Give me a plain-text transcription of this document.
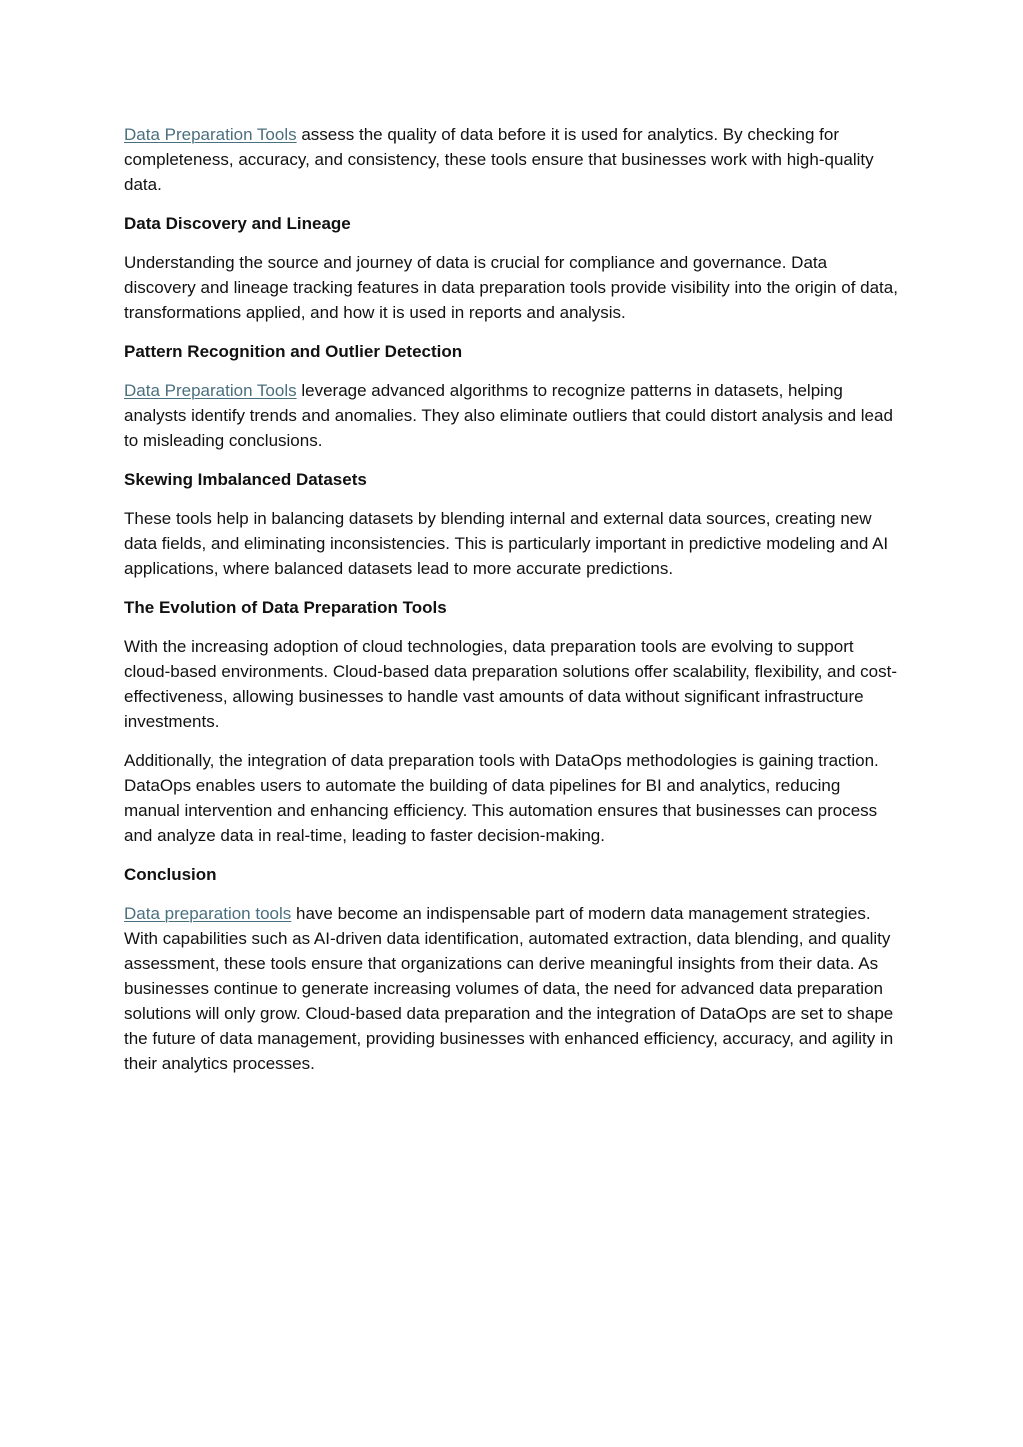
Data Preparation Tools assess the quality of data before it is used for analytics. By checking for completeness, accuracy, and consistency, these tools ensure that businesses work with high-quality data.

Data Discovery and Lineage

Understanding the source and journey of data is crucial for compliance and governance. Data discovery and lineage tracking features in data preparation tools provide visibility into the origin of data, transformations applied, and how it is used in reports and analysis.

Pattern Recognition and Outlier Detection

Data Preparation Tools leverage advanced algorithms to recognize patterns in datasets, helping analysts identify trends and anomalies. They also eliminate outliers that could distort analysis and lead to misleading conclusions.

Skewing Imbalanced Datasets

These tools help in balancing datasets by blending internal and external data sources, creating new data fields, and eliminating inconsistencies. This is particularly important in predictive modeling and AI applications, where balanced datasets lead to more accurate predictions.

The Evolution of Data Preparation Tools

With the increasing adoption of cloud technologies, data preparation tools are evolving to support cloud-based environments. Cloud-based data preparation solutions offer scalability, flexibility, and cost-effectiveness, allowing businesses to handle vast amounts of data without significant infrastructure investments.

Additionally, the integration of data preparation tools with DataOps methodologies is gaining traction. DataOps enables users to automate the building of data pipelines for BI and analytics, reducing manual intervention and enhancing efficiency. This automation ensures that businesses can process and analyze data in real-time, leading to faster decision-making.

Conclusion

Data preparation tools have become an indispensable part of modern data management strategies. With capabilities such as AI-driven data identification, automated extraction, data blending, and quality assessment, these tools ensure that organizations can derive meaningful insights from their data. As businesses continue to generate increasing volumes of data, the need for advanced data preparation solutions will only grow. Cloud-based data preparation and the integration of DataOps are set to shape the future of data management, providing businesses with enhanced efficiency, accuracy, and agility in their analytics processes.
